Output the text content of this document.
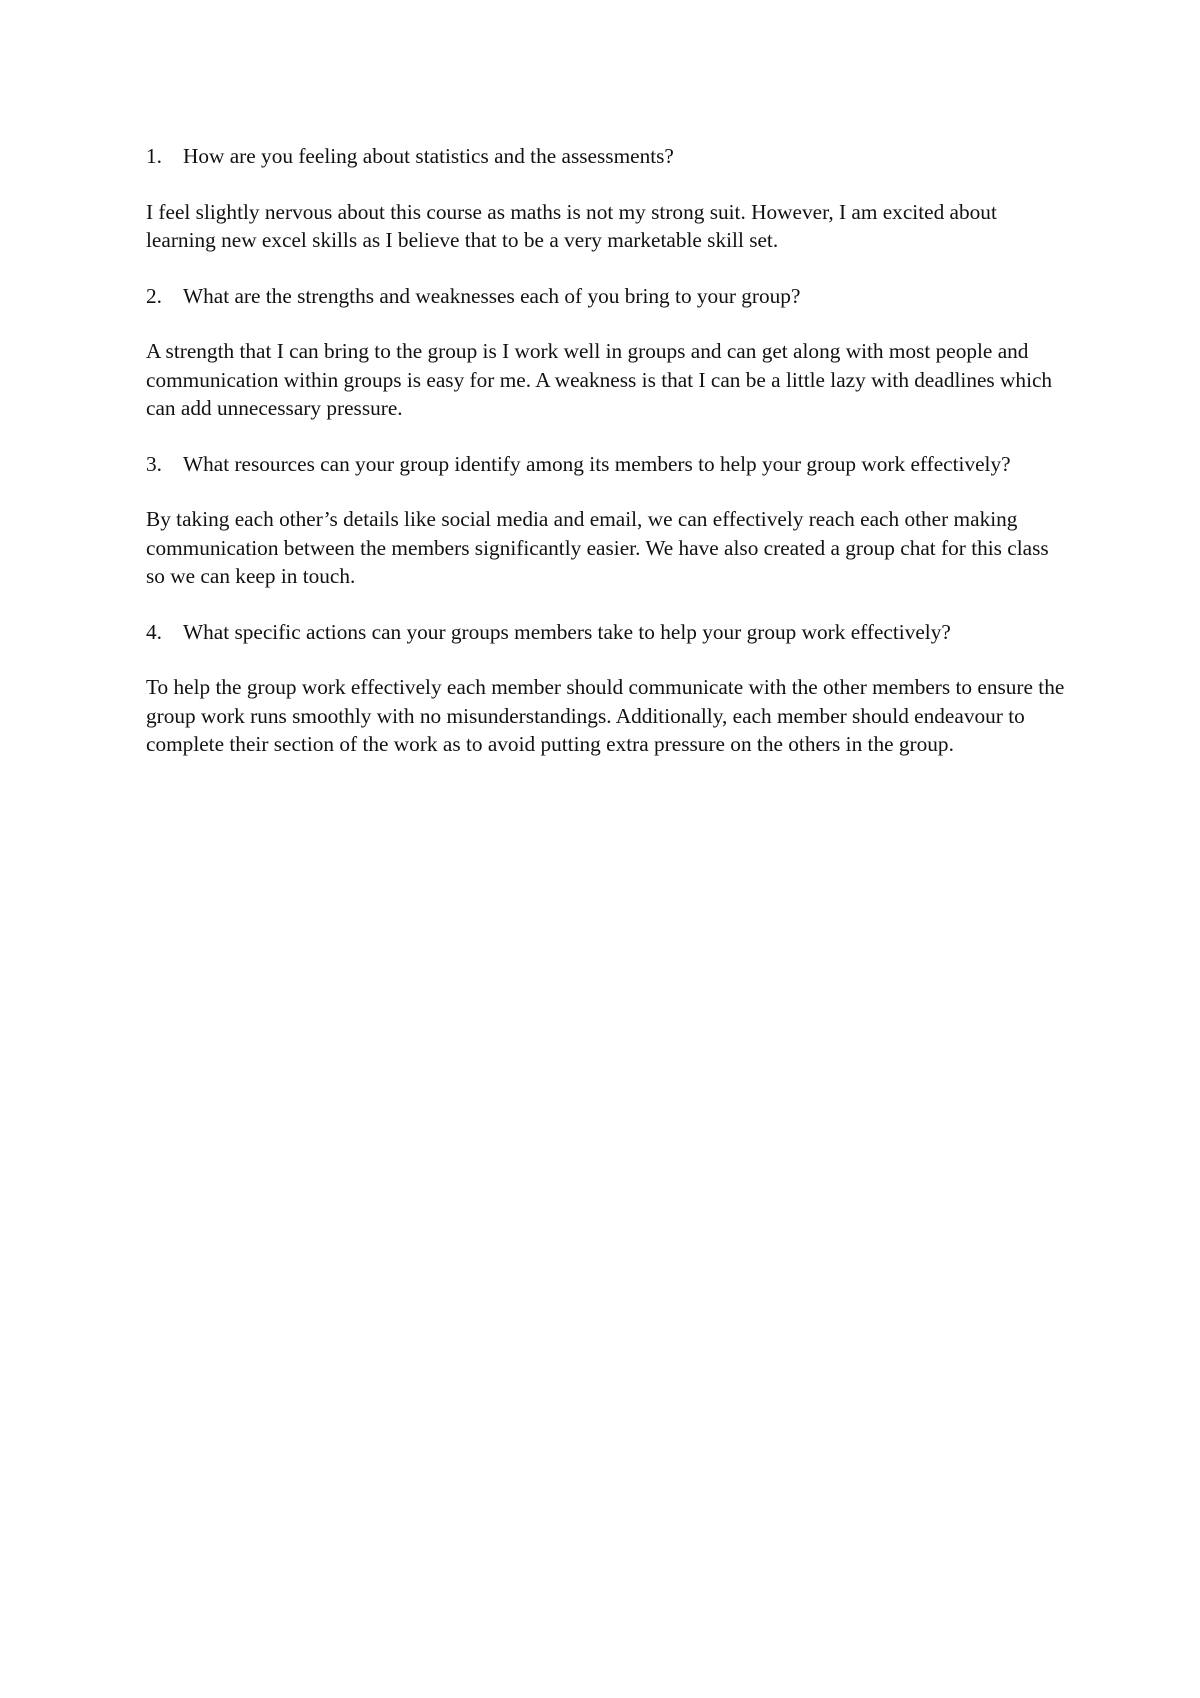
1. How are you feeling about statistics and the assessments?

I feel slightly nervous about this course as maths is not my strong suit. However, I am excited about learning new excel skills as I believe that to be a very marketable skill set.

2. What are the strengths and weaknesses each of you bring to your group?

A strength that I can bring to the group is I work well in groups and can get along with most people and communication within groups is easy for me. A weakness is that I can be a little lazy with deadlines which can add unnecessary pressure.

3. What resources can your group identify among its members to help your group work effectively?

By taking each other’s details like social media and email, we can effectively reach each other making communication between the members significantly easier. We have also created a group chat for this class so we can keep in touch.

4. What specific actions can your groups members take to help your group work effectively?

To help the group work effectively each member should communicate with the other members to ensure the group work runs smoothly with no misunderstandings. Additionally, each member should endeavour to complete their section of the work as to avoid putting extra pressure on the others in the group.
